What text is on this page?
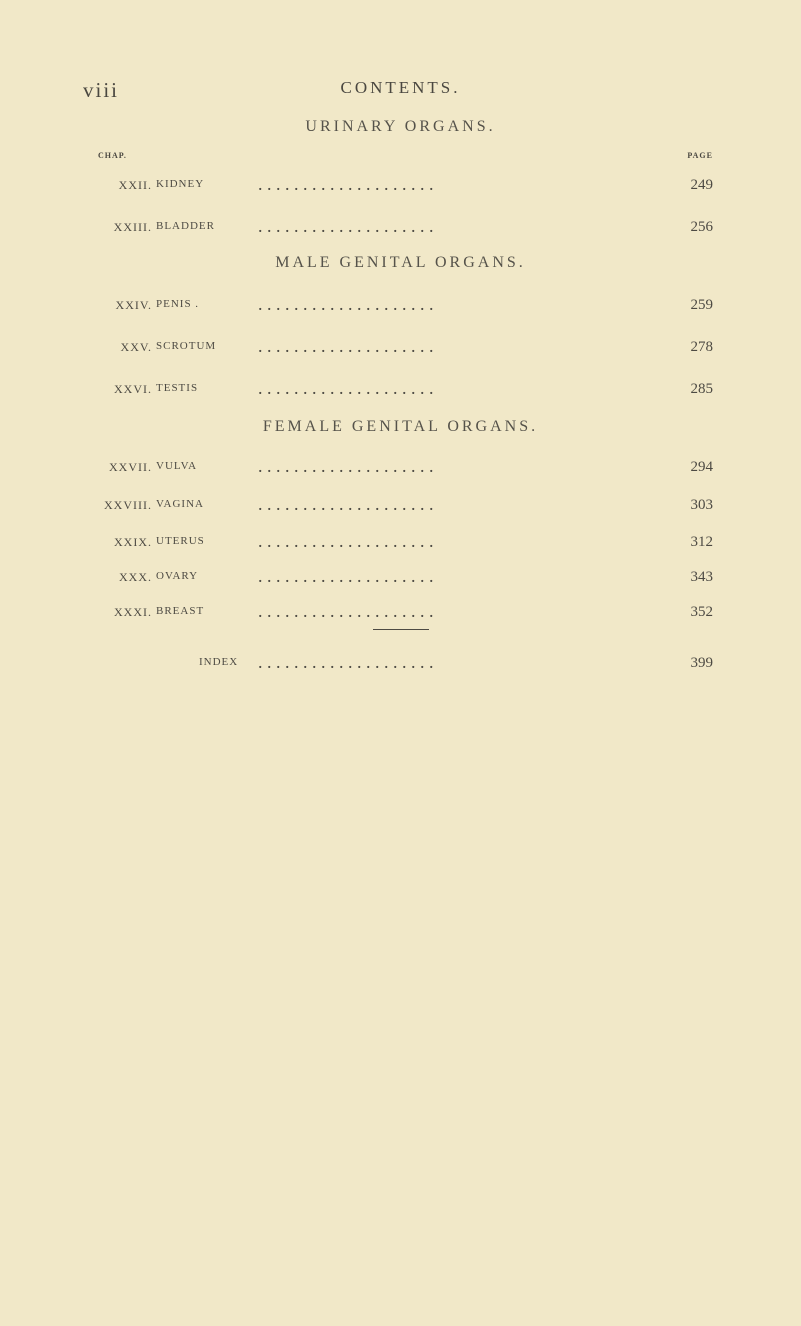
viii	CONTENTS.
URINARY ORGANS.
CHAP.	PAGE
XXII. KIDNEY	. . . . . . . . . . . . . . . . . . . .	249
XXIII. BLADDER . . . . . . . . . . . . . . . . . . . .	256
MALE GENITAL ORGANS.
XXIV. PENIS .	. . . . . . . . . . . . . . . . . . . .	259
XXV. SCROTUM . . . . . . . . . . . . . . . . . . . .	278
XXVI. TESTIS	. . . . . . . . . . . . . . . . . . . .	285
FEMALE GENITAL ORGANS.
XXVII. VULVA	. . . . . . . . . . . . . . . . . . . .	294
XXVIII. VAGINA	. . . . . . . . . . . . . . . . . . . .	303
XXIX. UTERUS	. . . . . . . . . . . . . . . . . . . .	312
XXX. OVARY	. . . . . . . . . . . . . . . . . . . .	343
XXXI. BREAST	. . . . . . . . . . . . . . . . . . . .	352
INDEX . . . . . . . . . . . . . . . . . . . .	399
